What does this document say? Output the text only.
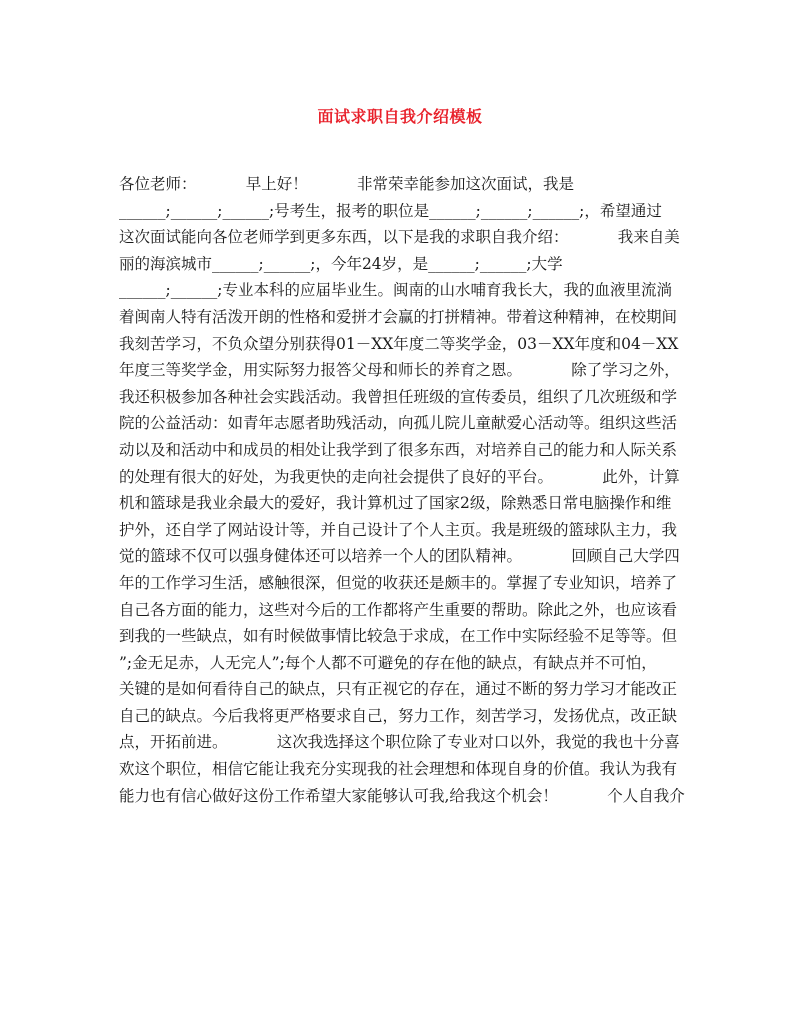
面试求职自我介绍模板
各位老师：          早上好！          非常荣幸能参加这次面试，我是
______;______;______;号考生，报考的职位是______;______;______;，希望通过
这次面试能向各位老师学到更多东西，以下是我的求职自我介绍：          我来自美
丽的海滨城市______;______;，今年24岁，是______;______;大学
______;______;专业本科的应届毕业生。闽南的山水哺育我长大，我的血液里流淌
着闽南人特有活泼开朗的性格和爱拼才会赢的打拼精神。带着这种精神，在校期间
我刻苦学习，不负众望分别获得01－XX年度二等奖学金，03－XX年度和04－XX
年度三等奖学金，用实际努力报答父母和师长的养育之恩。          除了学习之外，
我还积极参加各种社会实践活动。我曾担任班级的宣传委员，组织了几次班级和学
院的公益活动：如青年志愿者助残活动，向孤儿院儿童献爱心活动等。组织这些活
动以及和活动中和成员的相处让我学到了很多东西，对培养自己的能力和人际关系
的处理有很大的好处，为我更快的走向社会提供了良好的平台。          此外，计算
机和篮球是我业余最大的爱好，我计算机过了国家2级，除熟悉日常电脑操作和维
护外，还自学了网站设计等，并自己设计了个人主页。我是班级的篮球队主力，我
觉的篮球不仅可以强身健体还可以培养一个人的团队精神。          回顾自己大学四
年的工作学习生活，感触很深，但觉的收获还是颇丰的。掌握了专业知识，培养了
自己各方面的能力，这些对今后的工作都将产生重要的帮助。除此之外，也应该看
到我的一些缺点，如有时候做事情比较急于求成，在工作中实际经验不足等等。但
”;金无足赤，人无完人”;每个人都不可避免的存在他的缺点，有缺点并不可怕，
关键的是如何看待自己的缺点，只有正视它的存在，通过不断的努力学习才能改正
自己的缺点。今后我将更严格要求自己，努力工作，刻苦学习，发扬优点，改正缺
点，开拓前进。          这次我选择这个职位除了专业对口以外，我觉的我也十分喜
欢这个职位，相信它能让我充分实现我的社会理想和体现自身的价值。我认为我有
能力也有信心做好这份工作希望大家能够认可我,给我这个机会！          个人自我介
